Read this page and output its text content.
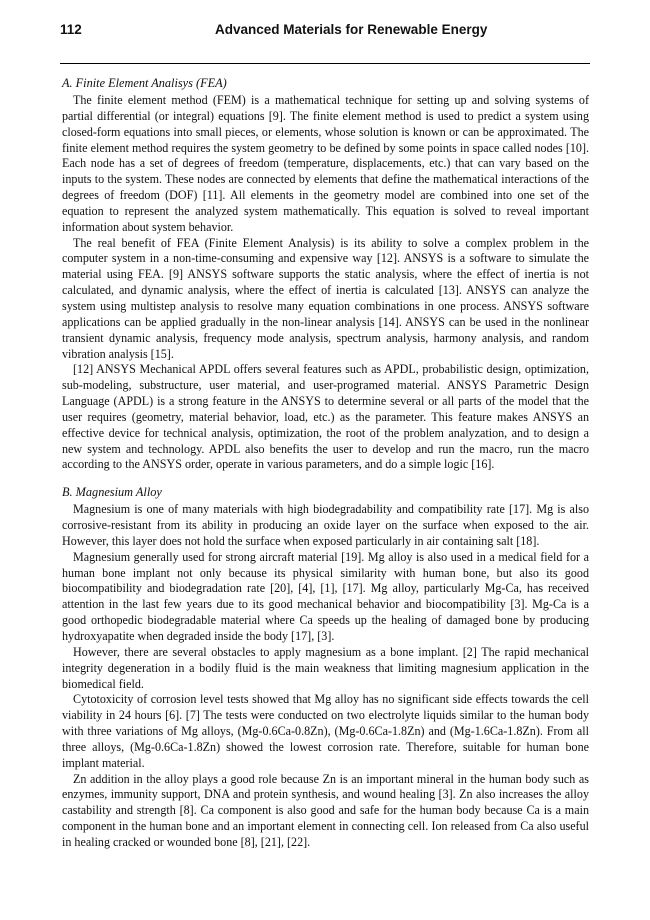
112	Advanced Materials for Renewable Energy
A. Finite Element Analisys (FEA)

The finite element method (FEM) is a mathematical technique for setting up and solving systems of partial differential (or integral) equations [9]. The finite element method is used to predict a system using closed-form equations into small pieces, or elements, whose solution is known or can be approximated. The finite element method requires the system geometry to be defined by some points in space called nodes [10]. Each node has a set of degrees of freedom (temperature, displacements, etc.) that can vary based on the inputs to the system. These nodes are connected by elements that define the mathematical interactions of the degrees of freedom (DOF) [11]. All elements in the geometry model are combined into one set of the equation to represent the analyzed system mathematically. This equation is solved to reveal important information about system behavior.

The real benefit of FEA (Finite Element Analysis) is its ability to solve a complex problem in the computer system in a non-time-consuming and expensive way [12]. ANSYS is a software to simulate the material using FEA. [9] ANSYS software supports the static analysis, where the effect of inertia is not calculated, and dynamic analysis, where the effect of inertia is calculated [13]. ANSYS can analyze the system using multistep analysis to resolve many equation combinations in one process. ANSYS software applications can be applied gradually in the non-linear analysis [14]. ANSYS can be used in the nonlinear transient dynamic analysis, frequency mode analysis, spectrum analysis, harmony analysis, and random vibration analysis [15].

[12] ANSYS Mechanical APDL offers several features such as APDL, probabilistic design, optimization, sub-modeling, substructure, user material, and user-programed material. ANSYS Parametric Design Language (APDL) is a strong feature in the ANSYS to determine several or all parts of the model that the user requires (geometry, material behavior, load, etc.) as the parameter. This feature makes ANSYS an effective device for technical analysis, optimization, the root of the problem analyzation, and to design a new system and technology. APDL also benefits the user to develop and run the macro, run the macro according to the ANSYS order, operate in various parameters, and do a simple logic [16].

B. Magnesium Alloy

Magnesium is one of many materials with high biodegradability and compatibility rate [17]. Mg is also corrosive-resistant from its ability in producing an oxide layer on the surface when exposed to the air. However, this layer does not hold the surface when exposed particularly in air containing salt [18].

Magnesium generally used for strong aircraft material [19]. Mg alloy is also used in a medical field for a human bone implant not only because its physical similarity with human bone, but also its good biocompatibility and biodegradation rate [20], [4], [1], [17]. Mg alloy, particularly Mg-Ca, has received attention in the last few years due to its good mechanical behavior and biocompatibility [3]. Mg-Ca is a good orthopedic biodegradable material where Ca speeds up the healing of damaged bone by producing hydroxyapatite when degraded inside the body [17], [3].

However, there are several obstacles to apply magnesium as a bone implant. [2] The rapid mechanical integrity degeneration in a bodily fluid is the main weakness that limiting magnesium application in the biomedical field.

Cytotoxicity of corrosion level tests showed that Mg alloy has no significant side effects towards the cell viability in 24 hours [6]. [7] The tests were conducted on two electrolyte liquids similar to the human body with three variations of Mg alloys, (Mg-0.6Ca-0.8Zn), (Mg-0.6Ca-1.8Zn) and (Mg-1.6Ca-1.8Zn). From all three alloys, (Mg-0.6Ca-1.8Zn) showed the lowest corrosion rate. Therefore, suitable for human bone implant material.

Zn addition in the alloy plays a good role because Zn is an important mineral in the human body such as enzymes, immunity support, DNA and protein synthesis, and wound healing [3]. Zn also increases the alloy castability and strength [8]. Ca component is also good and safe for the human body because Ca is a main component in the human bone and an important element in connecting cell. Ion released from Ca also useful in healing cracked or wounded bone [8], [21], [22].
